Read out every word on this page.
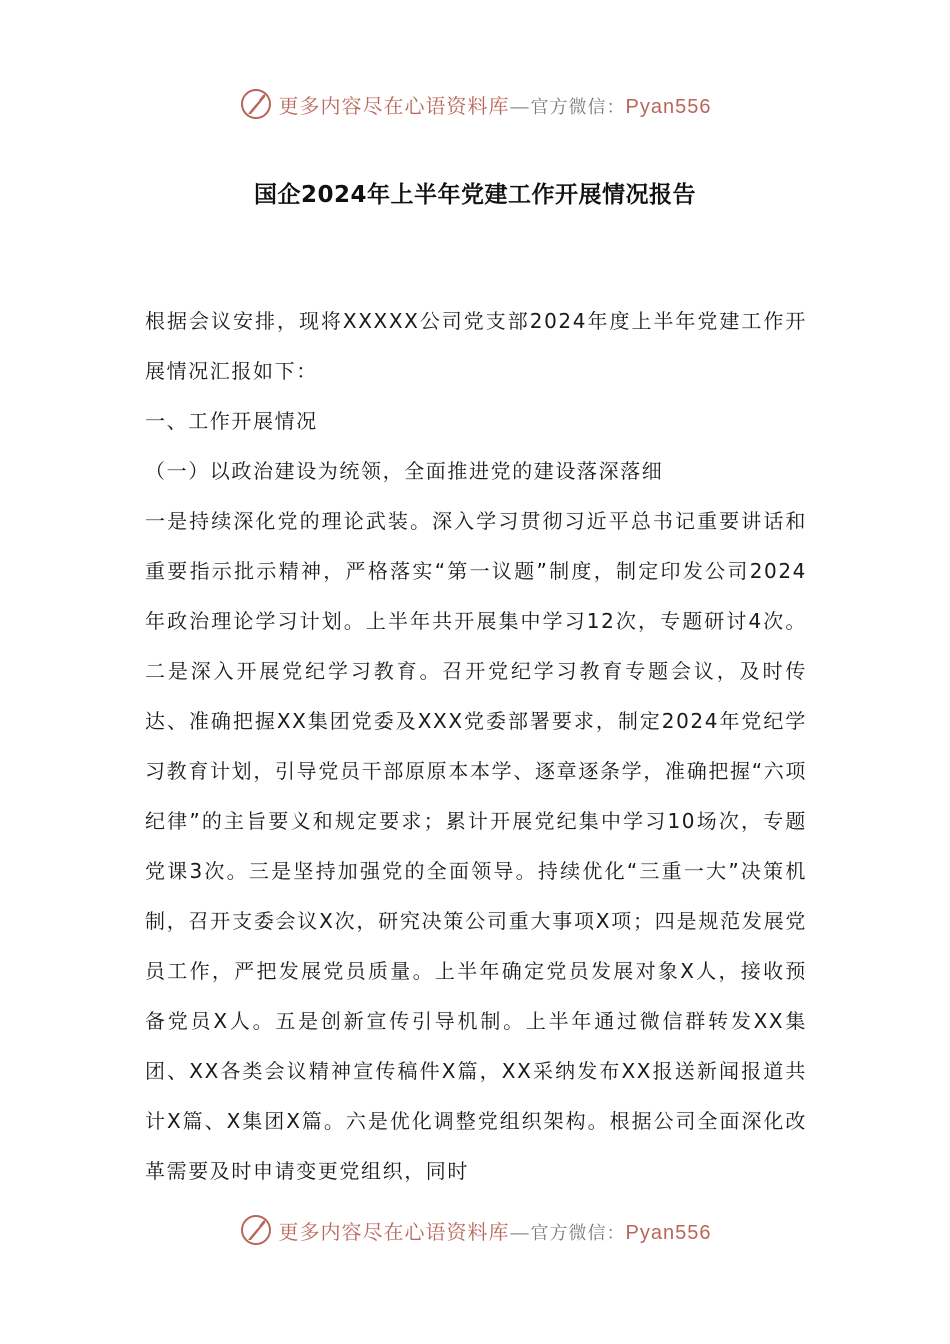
更多内容尽在心语资料库—官方微信：Pyan556
国企2024年上半年党建工作开展情况报告

根据会议安排，现将XXXXX公司党支部2024年度上半年党建工作开展情况汇报如下：

一、工作开展情况

（一）以政治建设为统领，全面推进党的建设落深落细

一是持续深化党的理论武装。深入学习贯彻习近平总书记重要讲话和重要指示批示精神，严格落实“第一议题”制度，制定印发公司2024年政治理论学习计划。上半年共开展集中学习12次，专题研讨4次。二是深入开展党纪学习教育。召开党纪学习教育专题会议，及时传达、准确把握XX集团党委及XXX党委部署要求，制定2024年党纪学习教育计划，引导党员干部原原本本学、逐章逐条学，准确把握“六项纪律”的主旨要义和规定要求；累计开展党纪集中学习10场次，专题党课3次。三是坚持加强党的全面领导。持续优化“三重一大”决策机制，召开支委会议X次，研究决策公司重大事项X项；四是规范发展党员工作，严把发展党员质量。上半年确定党员发展对象X人，接收预备党员X人。五是创新宣传引导机制。上半年通过微信群转发XX集团、XX各类会议精神宣传稿件X篇，XX采纳发布XX报送新闻报道共计X篇、X集团X篇。六是优化调整党组织架构。根据公司全面深化改革需要及时申请变更党组织，同时

更多内容尽在心语资料库—官方微信：Pyan556
